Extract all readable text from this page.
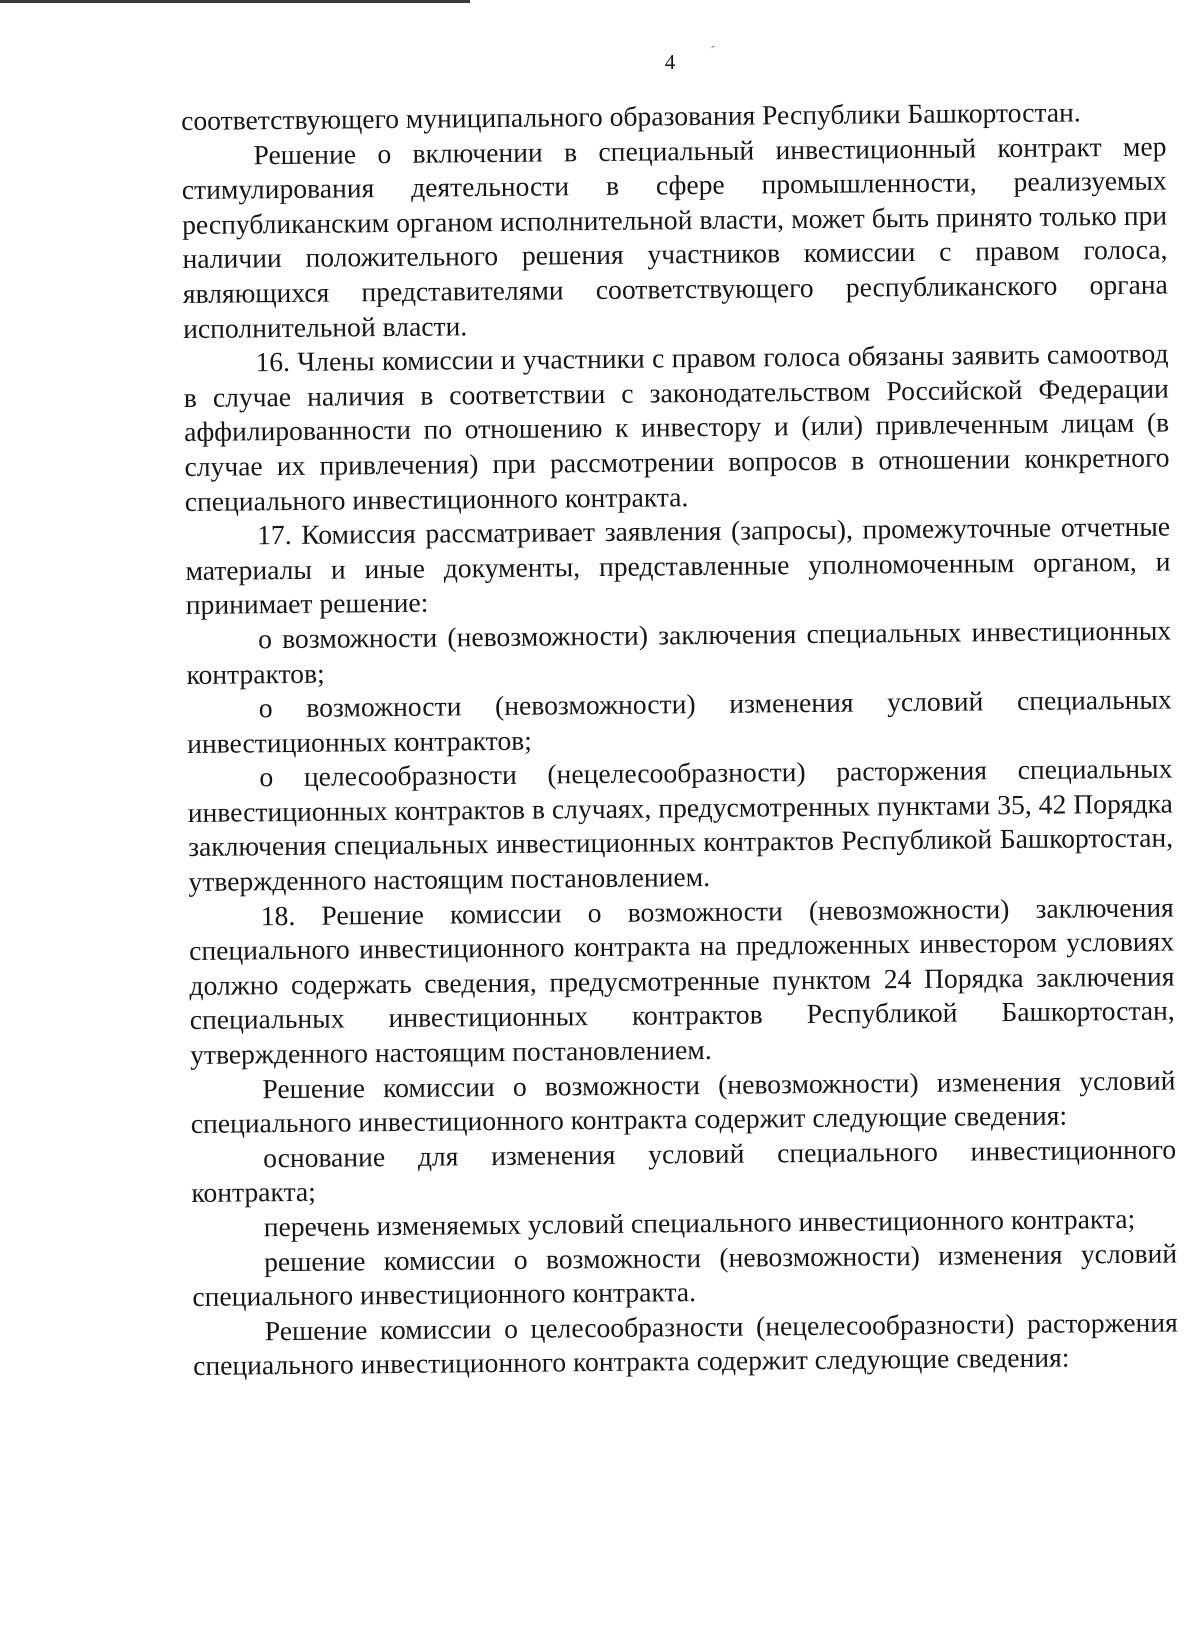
4	ˊ

соответствующего муниципального образования Республики Башкортостан.

Решение о включении в специальный инвестиционный контракт мер стимулирования деятельности в сфере промышленности, реализуемых республиканским органом исполнительной власти, может быть принято только при наличии положительного решения участников комиссии с правом голоса, являющихся представителями соответствующего республиканского органа исполнительной власти.

16. Члены комиссии и участники с правом голоса обязаны заявить самоотвод в случае наличия в соответствии с законодательством Российской Федерации аффилированности по отношению к инвестору и (или) привлеченным лицам (в случае их привлечения) при рассмотрении вопросов в отношении конкретного специального инвестиционного контракта.

17. Комиссия рассматривает заявления (запросы), промежуточные отчетные материалы и иные документы, представленные уполномоченным органом, и принимает решение:

о возможности (невозможности) заключения специальных инвестиционных контрактов;

о возможности (невозможности) изменения условий специальных инвестиционных контрактов;

о целесообразности (нецелесообразности) расторжения специальных инвестиционных контрактов в случаях, предусмотренных пунктами 35, 42 Порядка заключения специальных инвестиционных контрактов Республикой Башкортостан, утвержденного настоящим постановлением.

18. Решение комиссии о возможности (невозможности) заключения специального инвестиционного контракта на предложенных инвестором условиях должно содержать сведения, предусмотренные пунктом 24 Порядка заключения специальных инвестиционных контрактов Республикой Башкортостан, утвержденного настоящим постановлением.

Решение комиссии о возможности (невозможности) изменения условий специального инвестиционного контракта содержит следующие сведения:

основание для изменения условий специального инвестиционного контракта;

перечень изменяемых условий специального инвестиционного контракта;

решение комиссии о возможности (невозможности) изменения условий специального инвестиционного контракта.

Решение комиссии о целесообразности (нецелесообразности) расторжения специального инвестиционного контракта содержит следующие сведения:
